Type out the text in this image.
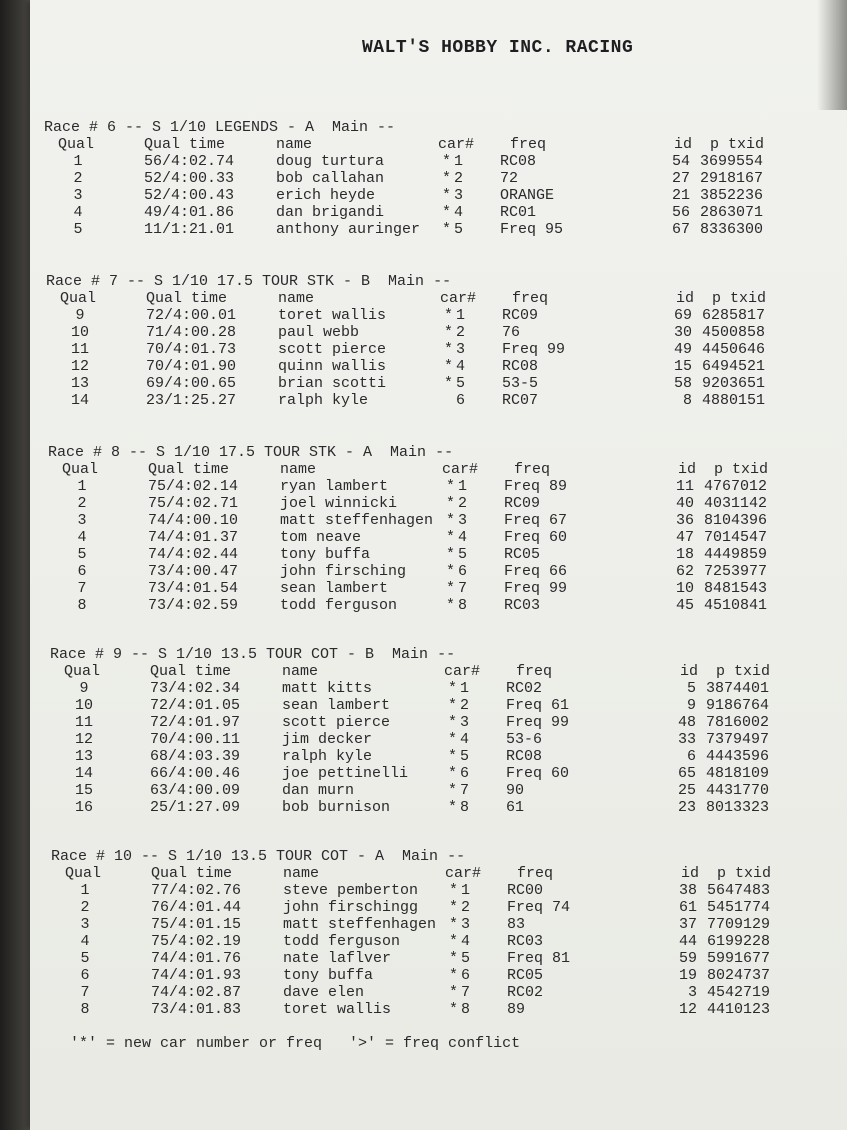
WALT'S HOBBY INC. RACING
Race # 6 -- S 1/10 LEGENDS - A  Main --
Qual	Qual time	name	car# freq	id p txid
1	56/4:02.74	doug turtura	* 1 RC08	54 3699554
2	52/4:00.33	bob callahan	* 2 72	27 2918167
3	52/4:00.43	erich heyde	* 3 ORANGE	21 3852236
4	49/4:01.86	dan brigandi	* 4 RC01	56 2863071
5	11/1:21.01	anthony auringer * 5 Freq 95	67 8336300
Race # 7 -- S 1/10 17.5 TOUR STK - B  Main --
Qual	Qual time	name	car# freq	id p txid
9	72/4:00.01	toret wallis	* 1 RC09	69 6285817
10	71/4:00.28	paul webb	* 2 76	30 4500858
11	70/4:01.73	scott pierce	* 3 Freq 99	49 4450646
12	70/4:01.90	quinn wallis	* 4 RC08	15 6494521
13	69/4:00.65	brian scotti	* 5 53-5	58 9203651
14	23/1:25.27	ralph kyle	6 RC07	8 4880151
Race # 8 -- S 1/10 17.5 TOUR STK - A  Main --
Qual	Qual time	name	car# freq	id p txid
1	75/4:02.14	ryan lambert	* 1 Freq 89	11 4767012
2	75/4:02.71	joel winnicki	* 2 RC09	40 4031142
3	74/4:00.10	matt steffenhagen * 3 Freq 67	36 8104396
4	74/4:01.37	tom neave	* 4 Freq 60	47 7014547
5	74/4:02.44	tony buffa	* 5 RC05	18 4449859
6	73/4:00.47	john firsching	* 6 Freq 66	62 7253977
7	73/4:01.54	sean lambert	* 7 Freq 99	10 8481543
8	73/4:02.59	todd ferguson	* 8 RC03	45 4510841
Race # 9 -- S 1/10 13.5 TOUR COT - B  Main --
Qual	Qual time	name	car# freq	id p txid
9	73/4:02.34	matt kitts	* 1 RC02	5 3874401
10	72/4:01.05	sean lambert	* 2 Freq 61	9 9186764
11	72/4:01.97	scott pierce	* 3 Freq 99	48 7816002
12	70/4:00.11	jim decker	* 4 53-6	33 7379497
13	68/4:03.39	ralph kyle	* 5 RC08	6 4443596
14	66/4:00.46	joe pettinelli	* 6 Freq 60	65 4818109
15	63/4:00.09	dan murn	* 7 90	25 4431770
16	25/1:27.09	bob burnison	* 8 61	23 8013323
Race # 10 -- S 1/10 13.5 TOUR COT - A  Main --
Qual	Qual time	name	car# freq	id p txid
1	77/4:02.76	steve pemberton * 1 RC00	38 5647483
2	76/4:01.44	john firschingg * 2 Freq 74	61 5451774
3	75/4:01.15	matt steffenhagen * 3 83	37 7709129
4	75/4:02.19	todd ferguson	* 4 RC03	44 6199228
5	74/4:01.76	nate laflver	* 5 Freq 81	59 5991677
6	74/4:01.93	tony buffa	* 6 RC05	19 8024737
7	74/4:02.87	dave elen	* 7 RC02	3 4542719
8	73/4:01.83	toret wallis	* 8 89	12 4410123
'*' = new car number or freq   '>' = freq conflict
